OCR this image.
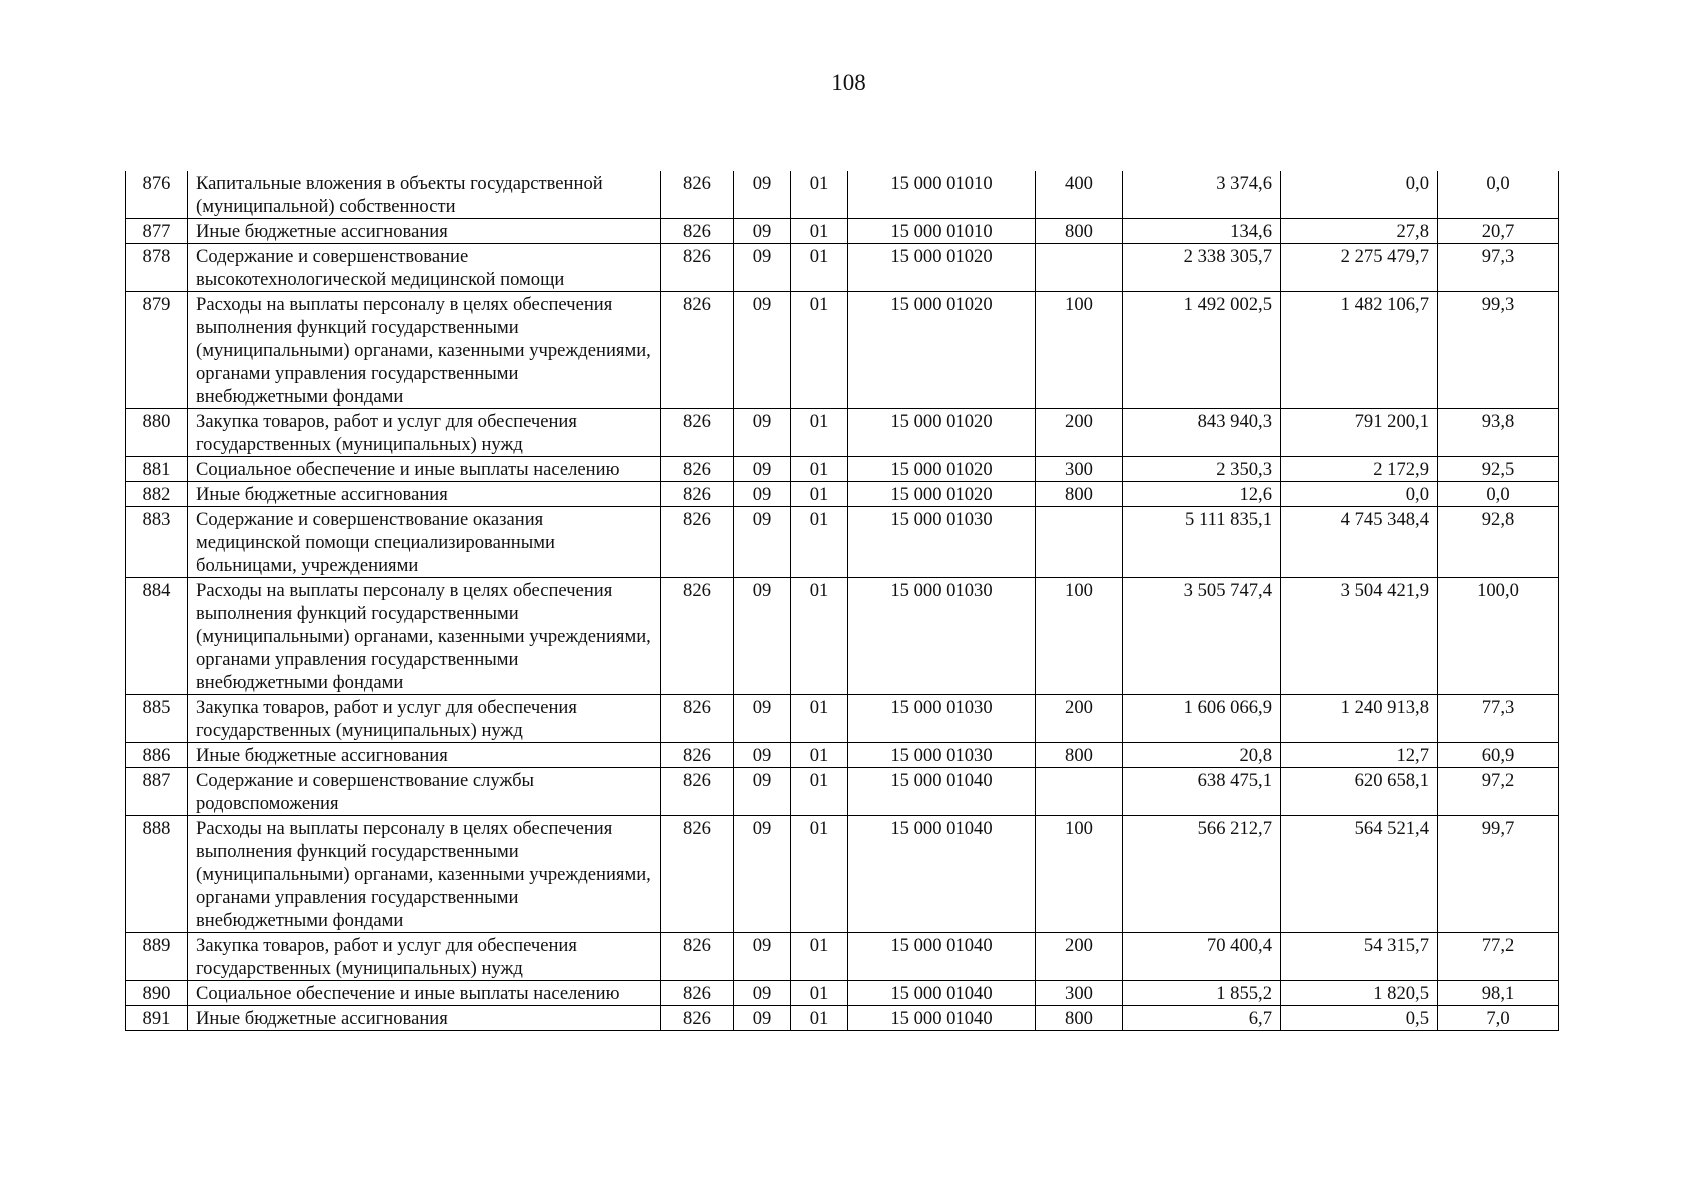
108
876	Капитальные вложения в объекты государственной (муниципальной) собственности	826	09	01	15 000 01010	400	3 374,6	0,0	0,0
877	Иные бюджетные ассигнования	826	09	01	15 000 01010	800	134,6	27,8	20,7
878	Содержание и совершенствование высокотехнологической медицинской помощи	826	09	01	15 000 01020		2 338 305,7	2 275 479,7	97,3
879	Расходы на выплаты персоналу в целях обеспечения выполнения функций государственными (муниципальными) органами, казенными учреждениями, органами управления государственными внебюджетными фондами	826	09	01	15 000 01020	100	1 492 002,5	1 482 106,7	99,3
880	Закупка товаров, работ и услуг для обеспечения государственных (муниципальных) нужд	826	09	01	15 000 01020	200	843 940,3	791 200,1	93,8
881	Социальное обеспечение и иные выплаты населению	826	09	01	15 000 01020	300	2 350,3	2 172,9	92,5
882	Иные бюджетные ассигнования	826	09	01	15 000 01020	800	12,6	0,0	0,0
883	Содержание и совершенствование оказания медицинской помощи специализированными больницами, учреждениями	826	09	01	15 000 01030		5 111 835,1	4 745 348,4	92,8
884	Расходы на выплаты персоналу в целях обеспечения выполнения функций государственными (муниципальными) органами, казенными учреждениями, органами управления государственными внебюджетными фондами	826	09	01	15 000 01030	100	3 505 747,4	3 504 421,9	100,0
885	Закупка товаров, работ и услуг для обеспечения государственных (муниципальных) нужд	826	09	01	15 000 01030	200	1 606 066,9	1 240 913,8	77,3
886	Иные бюджетные ассигнования	826	09	01	15 000 01030	800	20,8	12,7	60,9
887	Содержание и совершенствование службы родовспоможения	826	09	01	15 000 01040		638 475,1	620 658,1	97,2
888	Расходы на выплаты персоналу в целях обеспечения выполнения функций государственными (муниципальными) органами, казенными учреждениями, органами управления государственными внебюджетными фондами	826	09	01	15 000 01040	100	566 212,7	564 521,4	99,7
889	Закупка товаров, работ и услуг для обеспечения государственных (муниципальных) нужд	826	09	01	15 000 01040	200	70 400,4	54 315,7	77,2
890	Социальное обеспечение и иные выплаты населению	826	09	01	15 000 01040	300	1 855,2	1 820,5	98,1
891	Иные бюджетные ассигнования	826	09	01	15 000 01040	800	6,7	0,5	7,0
